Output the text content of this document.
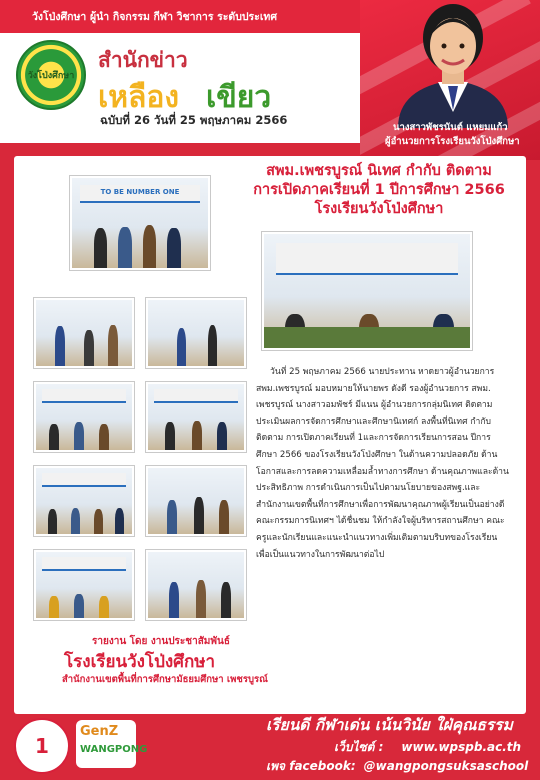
วังโป่งศึกษา ผู้นำ กิจกรรม กีฬา วิชาการ ระดับประเทศ
วังโป่งศึกษา
สำนักข่าว
เหลือง เขียว
ฉบับที่ 26 วันที่ 25 พฤษภาคม 2566
นางสาวพัชรนันต์ แหยมแก้ว
ผู้อำนวยการโรงเรียนวังโป่งศึกษา
สพม.เพชรบูรณ์ นิเทศ กำกับ ติดตาม
การเปิดภาคเรียนที่ 1 ปีการศึกษา 2566
โรงเรียนวังโป่งศึกษา
TO BE NUMBER ONE
วันที่ 25 พฤษภาคม 2566 นายประทาน หาดยาวผู้อำนวยการ สพม.เพชรบูรณ์ มอบหมายให้นายพร ดังดี รองผู้อำนวยการ สพม. เพชรบูรณ์ นางสาวอมพัชร์ มีแนน ผู้อำนวยการกลุ่มนิเทศ ติดตามประเมินผลการจัดการศึกษาและศึกษานิเทศก์ ลงพื้นที่นิเทศ กำกับ ติดตาม การเปิดภาคเรียนที่ 1และการจัดการเรียนการสอน ปีการศึกษา 2566 ของโรงเรียนวังโป่งศึกษา ในด้านความปลอดภัย ด้านโอกาสและการลดความเหลื่อมล้ำทางการศึกษา ด้านคุณภาพและด้านประสิทธิภาพ การดำเนินการเป็นไปตามนโยบายของสพฐ.และสำนักงานเขตพื้นที่การศึกษาเพื่อการพัฒนาคุณภาพผู้เรียนเป็นอย่างดี คณะกรรมการนิเทศฯ ได้ชื่นชม ให้กำลังใจผู้บริหารสถานศึกษา คณะครูและนักเรียนและแนะนำแนวทางเพิ่มเติมตามบริบทของโรงเรียนเพื่อเป็นแนวทางในการพัฒนาต่อไป
รายงาน โดย งานประชาสัมพันธ์
โรงเรียนวังโป่งศึกษา
สำนักงานเขตพื้นที่การศึกษามัธยมศึกษา เพชรบูรณ์
1
GenZ
WANGPONG
เรียนดี กีฬาเด่น เน้นวินัย ใฝ่คุณธรรม
เว็บไซต์ : www.wpspb.ac.th
เพจ facebook: @wangpongsuksaschool
